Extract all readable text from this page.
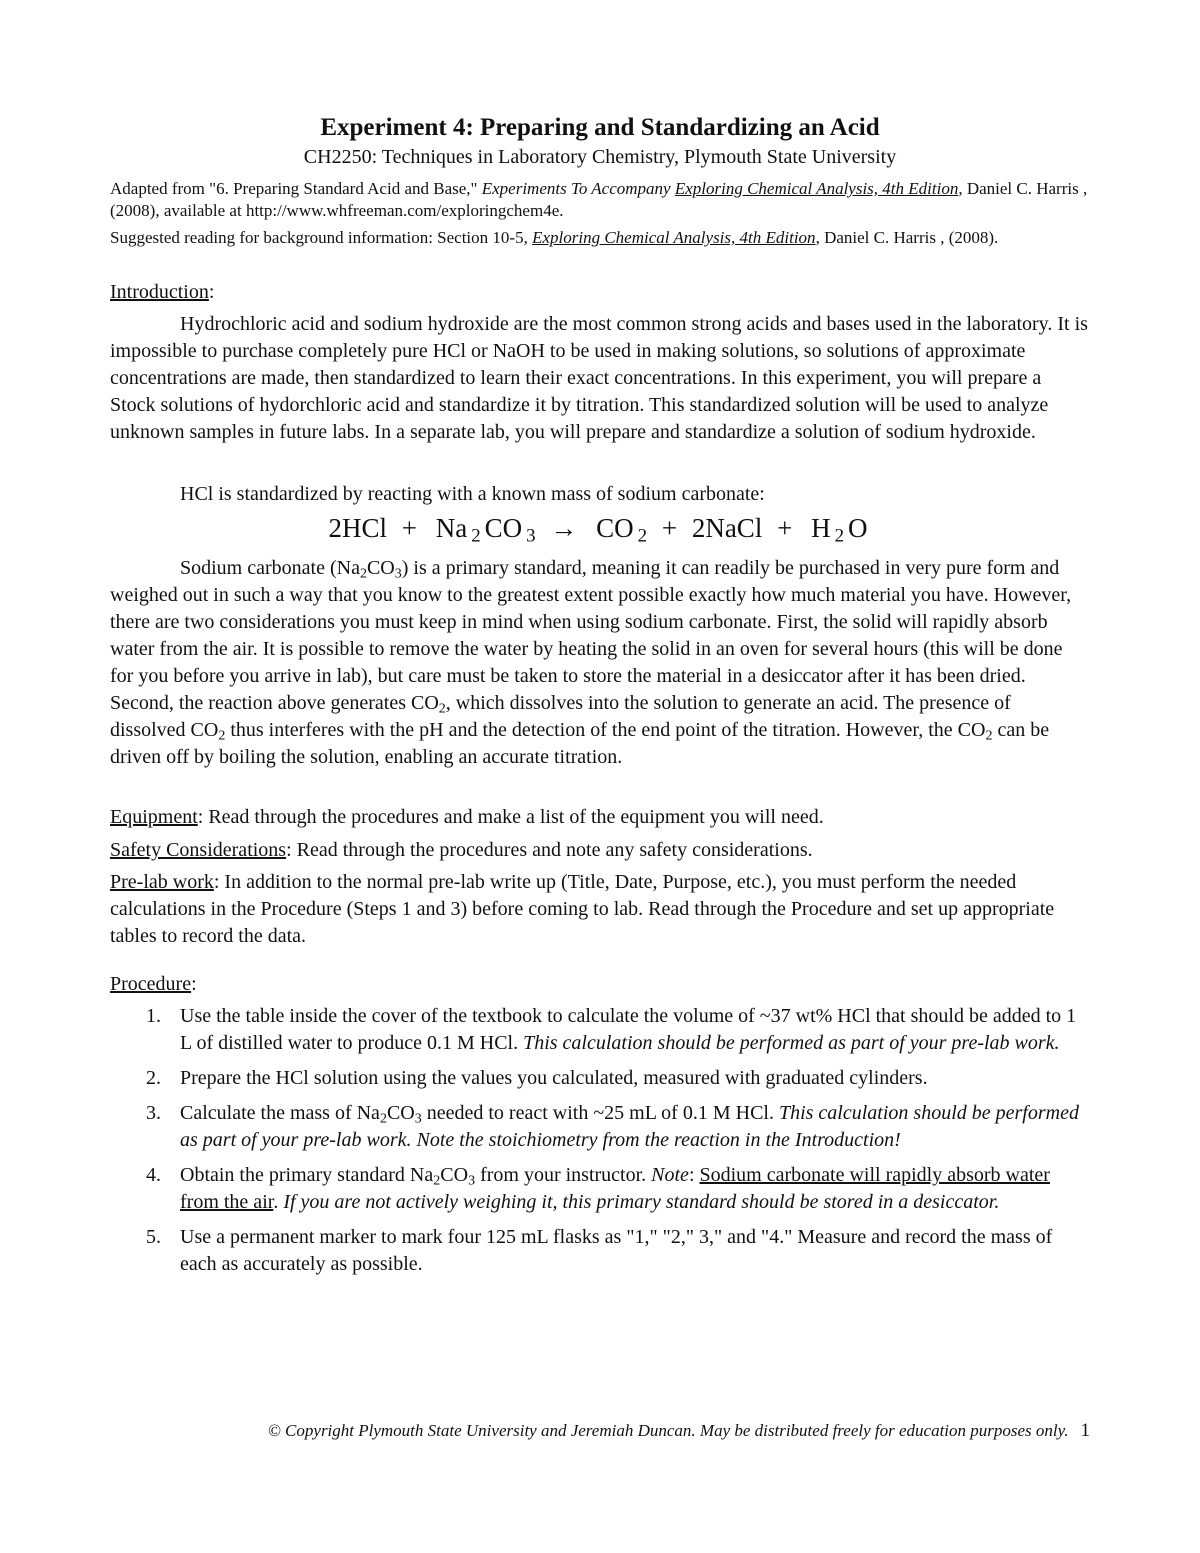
Experiment 4: Preparing and Standardizing an Acid
CH2250: Techniques in Laboratory Chemistry, Plymouth State University
Adapted from "6. Preparing Standard Acid and Base," Experiments To Accompany Exploring Chemical Analysis, 4th Edition, Daniel C. Harris ,(2008), available at http://www.whfreeman.com/exploringchem4e.
Suggested reading for background information: Section 10-5, Exploring Chemical Analysis, 4th Edition, Daniel C. Harris , (2008).
Introduction:
Hydrochloric acid and sodium hydroxide are the most common strong acids and bases used in the laboratory. It is impossible to purchase completely pure HCl or NaOH to be used in making solutions, so solutions of approximate concentrations are made, then standardized to learn their exact concentrations. In this experiment, you will prepare a Stock solutions of hydorchloric acid and standardize it by titration. This standardized solution will be used to analyze unknown samples in future labs. In a separate lab, you will prepare and standardize a solution of sodium hydroxide.
HCl is standardized by reacting with a known mass of sodium carbonate:
2HCl + Na $_2$ CO $_3$ → CO $_2$ + 2NaCl + H $_2$ O
Sodium carbonate $(Na_2CO_3)$ is a primary standard, meaning it can readily be purchased in very pure form and weighed out in such a way that you know to the greatest extent possible exactly how much material you have. However, there are two considerations you must keep in mind when using sodium carbonate. First, the solid will rapidly absorb water from the air. It is possible to remove the water by heating the solid in an oven for several hours (this will be done for you before you arrive in lab), but care must be taken to store the material in a desiccator after it has been dried. Second, the reaction above generates $CO_2$, which dissolves into the solution to generate an acid. The presence of dissolved $CO_2$ thus interferes with the pH and the detection of the end point of the titration. However, the $CO_2$ can be driven off by boiling the solution, enabling an accurate titration.
Equipment: Read through the procedures and make a list of the equipment you will need.
Safety Considerations: Read through the procedures and note any safety considerations.
Pre-lab work: In addition to the normal pre-lab write up (Title, Date, Purpose, etc.), you must perform the needed calculations in the Procedure (Steps 1 and 3) before coming to lab. Read through the Procedure and set up appropriate tables to record the data.
Procedure:
1. Use the table inside the cover of the textbook to calculate the volume of ~37 wt% HCl that should be added to 1 L of distilled water to produce 0.1 M HCl. This calculation should be performed as part of your pre-lab work.
2. Prepare the HCl solution using the values you calculated, measured with graduated cylinders.
3. Calculate the mass of $Na_2CO_3$ needed to react with ~25 mL of 0.1 M HCl. This calculation should be performed as part of your pre-lab work. Note the stoichiometry from the reaction in the Introduction!
4. Obtain the primary standard $Na_2CO_3$ from your instructor. Note: Sodium carbonate will rapidly absorb water from the air. If you are not actively weighing it, this primary standard should be stored in a desiccator.
5. Use a permanent marker to mark four 125 mL flasks as "1," "2," 3," and "4." Measure and record the mass of each as accurately as possible.
© Copyright Plymouth State University and Jeremiah Duncan. May be distributed freely for education purposes only. 1
